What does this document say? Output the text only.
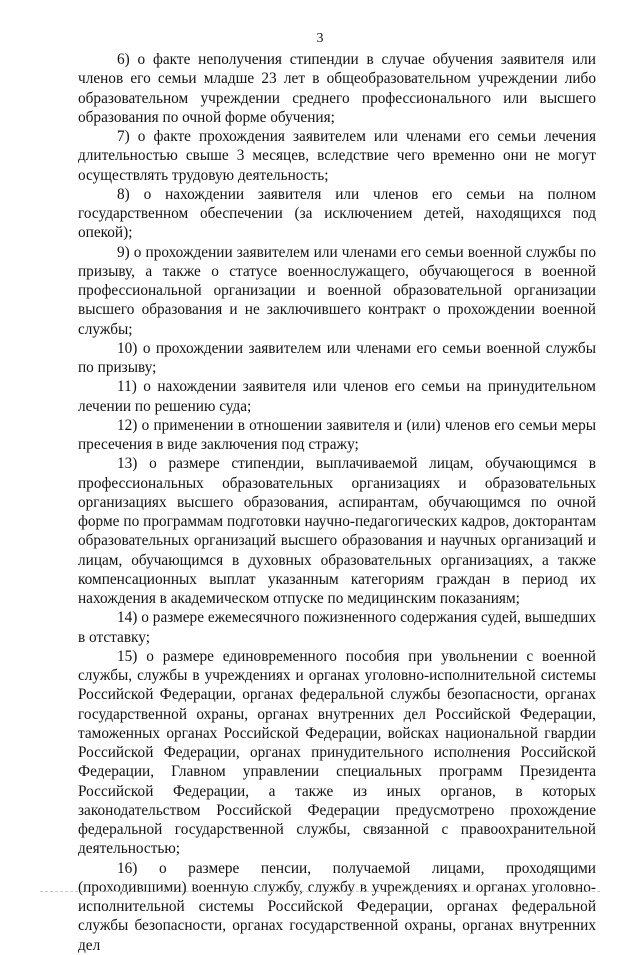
3

6) о факте неполучения стипендии в случае обучения заявителя или членов его семьи младше 23 лет в общеобразовательном учреждении либо образовательном учреждении среднего профессионального или высшего образования по очной форме обучения;

7) о факте прохождения заявителем или членами его семьи лечения длительностью свыше 3 месяцев, вследствие чего временно они не могут осуществлять трудовую деятельность;

8) о нахождении заявителя или членов его семьи на полном государственном обеспечении (за исключением детей, находящихся под опекой);

9) о прохождении заявителем или членами его семьи военной службы по призыву, а также о статусе военнослужащего, обучающегося в военной профессиональной организации и военной образовательной организации высшего образования и не заключившего контракт о прохождении военной службы;

10) о прохождении заявителем или членами его семьи военной службы по призыву;

11) о нахождении заявителя или членов его семьи на принудительном лечении по решению суда;

12) о применении в отношении заявителя и (или) членов его семьи меры пресечения в виде заключения под стражу;

13) о размере стипендии, выплачиваемой лицам, обучающимся в профессиональных образовательных организациях и образовательных организациях высшего образования, аспирантам, обучающимся по очной форме по программам подготовки научно-педагогических кадров, докторантам образовательных организаций высшего образования и научных организаций и лицам, обучающимся в духовных образовательных организациях, а также компенсационных выплат указанным категориям граждан в период их нахождения в академическом отпуске по медицинским показаниям;

14) о размере ежемесячного пожизненного содержания судей, вышедших в отставку;

15) о размере единовременного пособия при увольнении с военной службы, службы в учреждениях и органах уголовно-исполнительной системы Российской Федерации, органах федеральной службы безопасности, органах государственной охраны, органах внутренних дел Российской Федерации, таможенных органах Российской Федерации, войсках национальной гвардии Российской Федерации, органах принудительного исполнения Российской Федерации, Главном управлении специальных программ Президента Российской Федерации, а также из иных органов, в которых законодательством Российской Федерации предусмотрено прохождение федеральной государственной службы, связанной с правоохранительной деятельностью;

16) о размере пенсии, получаемой лицами, проходящими (проходившими) военную службу, службу в учреждениях и органах уголовно-исполнительной системы Российской Федерации, органах федеральной службы безопасности, органах государственной охраны, органах внутренних дел
